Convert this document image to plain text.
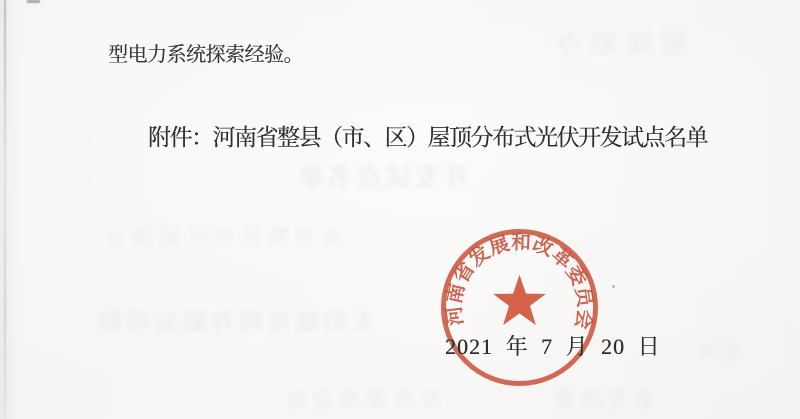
展规划办
开发试点名单
南省整县市区屋顶分
太阳能电网有限公司知
发改委员会办	省发改委
电网
型电力系统探索经验。
附件：河南省整县（市、区）屋顶分布式光伏开发试点名单
河南省发展和改革委员会
2021 年 7 月 20 日
